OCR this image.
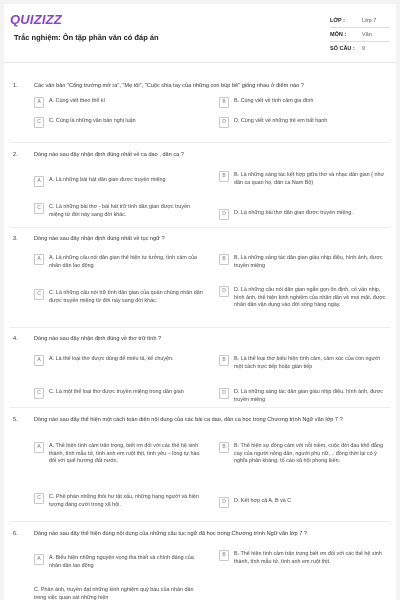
QUIZIZZ
Trắc nghiệm: Ôn tập phần văn có đáp án
LỚP :	Lớp 7
MÔN :	Văn
SỐ CÂU :	9
1.	Các văn bản "Cổng trường mở ra", "Mẹ tôi", "Cuộc chia tay của những con búp bê" giống nhau ở điểm nào ?
A	A. Cùng viết theo thể kí	B	B. Cùng viết về tình cảm gia đình
C	C. Cùng là những văn bản nghị luận	D	D. Cùng viết về những trẻ em bất hạnh
2.	Dòng nào sau đây nhận định đúng nhất về ca dao , dân ca ?
A	A. Là những bài hát dân gian được truyền miệng
B	B. Là những sáng tác kết hợp giữa thơ và nhạc dân gian ( như dân ca quan họ, dân ca Nam Bộ)
C	C. Là những bài thơ - bài hát trữ tình dân gian được truyền miệng từ đời này sang đời khác.	D	D. Là những bài thơ dân gian được truyền miệng.
3.	Dòng nào sau đây nhận định đúng nhất về tục ngữ ?
A	A. Là những câu nói dân gian thể hiện tư tưởng, tình cảm của nhân dân lao động
B	B. Là những sáng tác dân gian giàu nhịp điệu, hình ảnh, được truyền miệng
C	C. Là những câu nói trữ tình dân gian của quần chúng nhân dân được truyền miệng từ đời này sang đời khác.
D	D. Là những câu nói dân gian ngắn gọn ổn định, có vần nhịp, hình ảnh, thể hiện kinh nghiệm của nhân dân về mọi mặt, được nhân dân vận dụng vào đời sống hàng ngày.
4.	Dòng nào sau đây nhận định đúng về thơ trữ tình ?
A	A. Là thể loại thơ được dùng để miêu tả, kể chuyện.	B	B. Là thể loại thơ biểu hiện tình cảm, cảm xúc của con người một cách trực tiếp hoặc gián tiếp
C	C. Là một thể loại thơ được truyền miệng trong dân gian	D	D. Là những sáng tác dân gian giàu nhịp điệu, hình ảnh, được truyền miệng
5.	Dòng nào sau đây thể hiện một cách toàn diện nội dung của các bài ca dao, dân ca học trong Chương trình Ngữ văn lớp 7 ?
A	A. Thể hiện tình cảm trân trọng, biết ơn đối với các thế hệ sinh thành, tình mẫu tử, tình anh em ruột thịt, tình yêu – lòng tự hào đối với quê hương đất nước.
B	B. Thể hiện sự đồng cảm với nỗi niềm, cuộc đời đau khổ đắng cay của người nông dân, người phụ nữ, .. đồng thời lại có ý nghĩa phản kháng, tố cáo xã hội phong kiến.
C	C. Phê phán những thói hư tật xấu, những hạng người và hiện tượng đáng cười trong xã hội.	D	D. Kết hợp cả A, B và C
6.	Dòng nào sau đây thể hiện đúng nội dung của những câu tục ngữ đã học trong Chương trình Ngữ văn lớp 7 ?
A	A. Biểu hiện những nguyện vọng tha thiết và chính đáng của nhân dân lao động
B	B. Thể hiện tình cảm trân trọng biết ơn đối với các thế hệ sinh thành, tình mẫu tử, tình anh em ruột thịt.
C. Phản ánh, truyền đạt những kinh nghiệm quý báu của nhân dân trong việc quan sát những hiện
